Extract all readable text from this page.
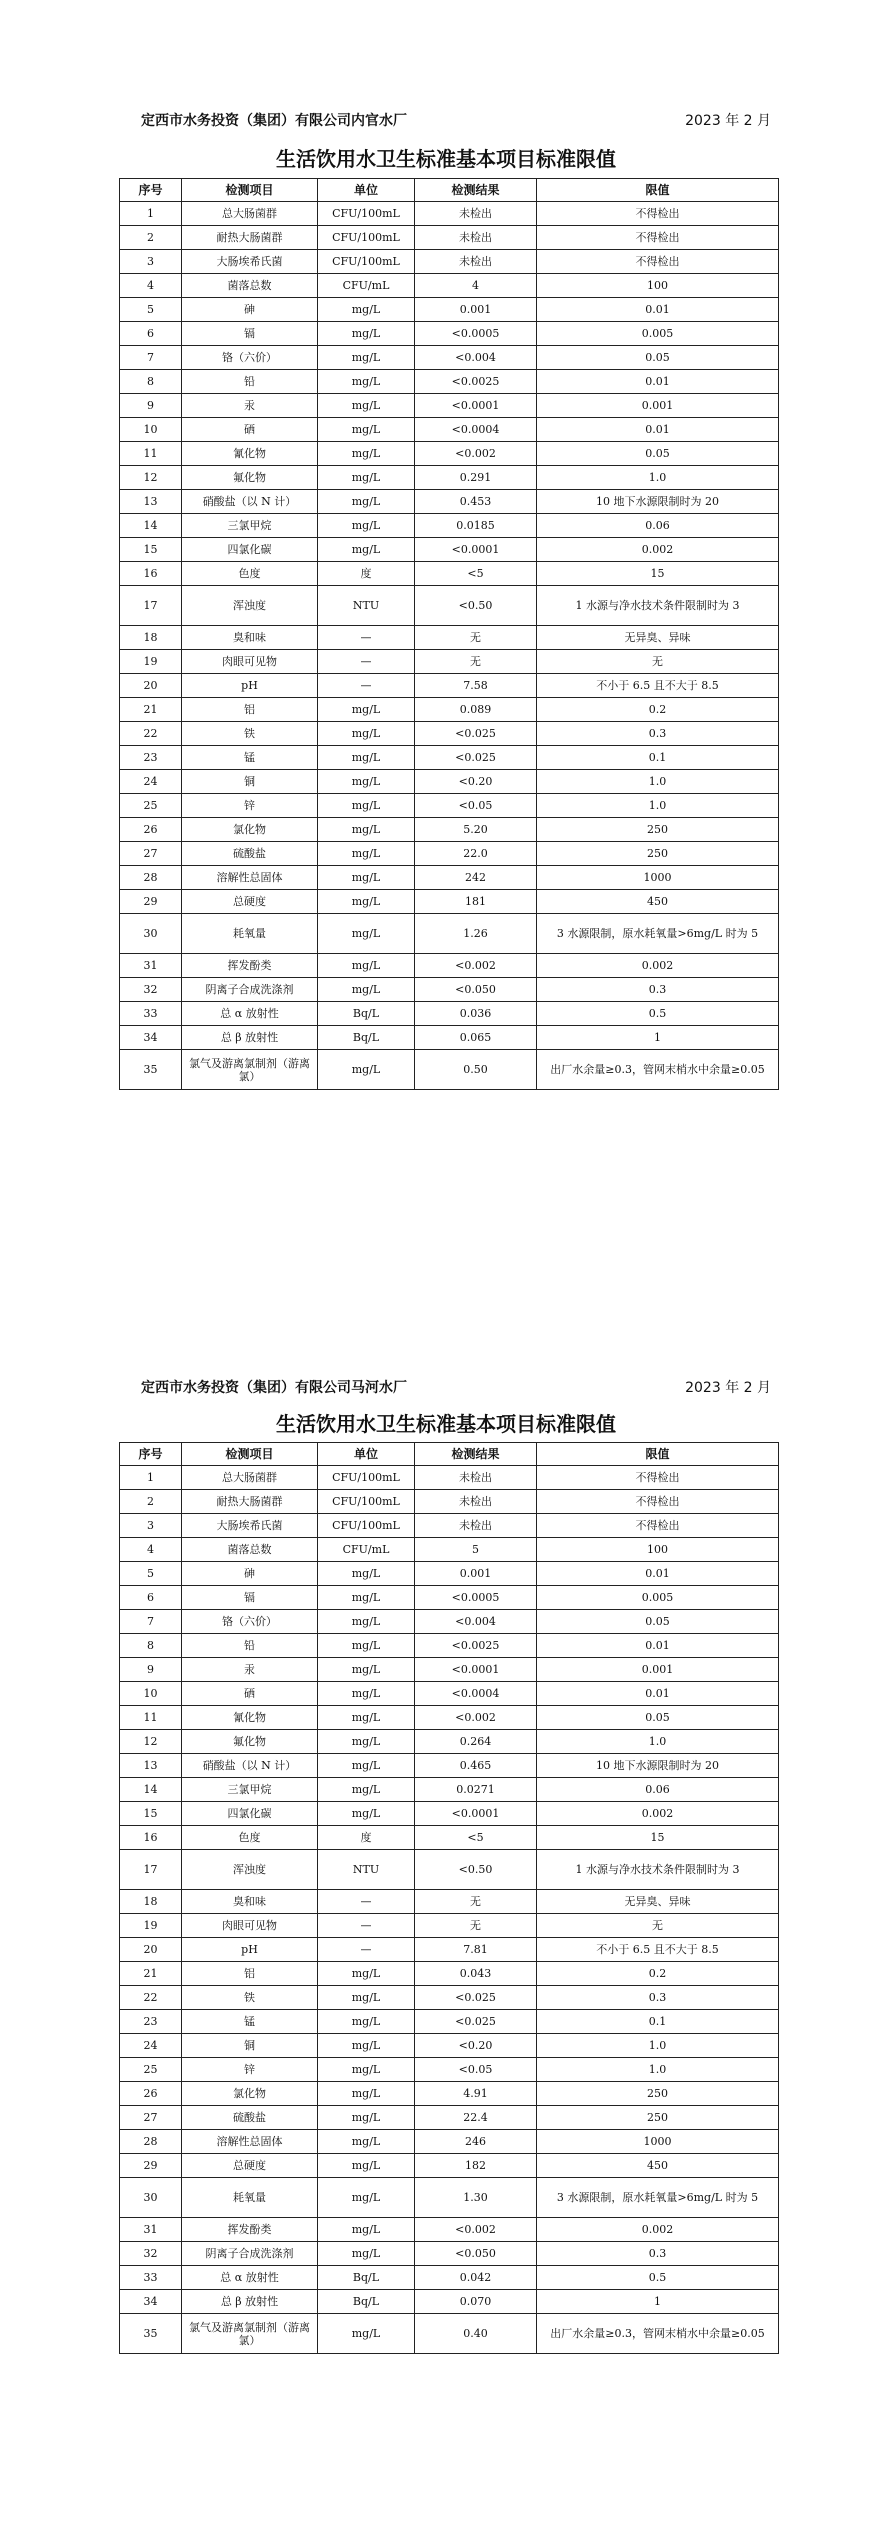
定西市水务投资（集团）有限公司内官水厂	2023 年 2 月
生活饮用水卫生标准基本项目标准限值
序号	检测项目	单位	检测结果	限值
1	总大肠菌群	CFU/100mL	未检出	不得检出
2	耐热大肠菌群	CFU/100mL	未检出	不得检出
3	大肠埃希氏菌	CFU/100mL	未检出	不得检出
4	菌落总数	CFU/mL	4	100
5	砷	mg/L	0.001	0.01
6	镉	mg/L	<0.0005	0.005
7	铬（六价）	mg/L	<0.004	0.05
8	铅	mg/L	<0.0025	0.01
9	汞	mg/L	<0.0001	0.001
10	硒	mg/L	<0.0004	0.01
11	氰化物	mg/L	<0.002	0.05
12	氟化物	mg/L	0.291	1.0
13	硝酸盐（以 N 计）	mg/L	0.453	10 地下水源限制时为 20
14	三氯甲烷	mg/L	0.0185	0.06
15	四氯化碳	mg/L	<0.0001	0.002
16	色度	度	<5	15
17	浑浊度	NTU	<0.50	1 水源与净水技术条件限制时为 3
18	臭和味	—	无	无异臭、异味
19	肉眼可见物	—	无	无
20	pH	—	7.58	不小于 6.5 且不大于 8.5
21	铝	mg/L	0.089	0.2
22	铁	mg/L	<0.025	0.3
23	锰	mg/L	<0.025	0.1
24	铜	mg/L	<0.20	1.0
25	锌	mg/L	<0.05	1.0
26	氯化物	mg/L	5.20	250
27	硫酸盐	mg/L	22.0	250
28	溶解性总固体	mg/L	242	1000
29	总硬度	mg/L	181	450
30	耗氧量	mg/L	1.26	3 水源限制，原水耗氧量>6mg/L 时为 5
31	挥发酚类	mg/L	<0.002	0.002
32	阴离子合成洗涤剂	mg/L	<0.050	0.3
33	总 α 放射性	Bq/L	0.036	0.5
34	总 β 放射性	Bq/L	0.065	1
35	氯气及游离氯制剂（游离氯）	mg/L	0.50	出厂水余量≥0.3，管网末梢水中余量≥0.05
定西市水务投资（集团）有限公司马河水厂	2023 年 2 月
生活饮用水卫生标准基本项目标准限值
序号	检测项目	单位	检测结果	限值
1	总大肠菌群	CFU/100mL	未检出	不得检出
2	耐热大肠菌群	CFU/100mL	未检出	不得检出
3	大肠埃希氏菌	CFU/100mL	未检出	不得检出
4	菌落总数	CFU/mL	5	100
5	砷	mg/L	0.001	0.01
6	镉	mg/L	<0.0005	0.005
7	铬（六价）	mg/L	<0.004	0.05
8	铅	mg/L	<0.0025	0.01
9	汞	mg/L	<0.0001	0.001
10	硒	mg/L	<0.0004	0.01
11	氰化物	mg/L	<0.002	0.05
12	氟化物	mg/L	0.264	1.0
13	硝酸盐（以 N 计）	mg/L	0.465	10 地下水源限制时为 20
14	三氯甲烷	mg/L	0.0271	0.06
15	四氯化碳	mg/L	<0.0001	0.002
16	色度	度	<5	15
17	浑浊度	NTU	<0.50	1 水源与净水技术条件限制时为 3
18	臭和味	—	无	无异臭、异味
19	肉眼可见物	—	无	无
20	pH	—	7.81	不小于 6.5 且不大于 8.5
21	铝	mg/L	0.043	0.2
22	铁	mg/L	<0.025	0.3
23	锰	mg/L	<0.025	0.1
24	铜	mg/L	<0.20	1.0
25	锌	mg/L	<0.05	1.0
26	氯化物	mg/L	4.91	250
27	硫酸盐	mg/L	22.4	250
28	溶解性总固体	mg/L	246	1000
29	总硬度	mg/L	182	450
30	耗氧量	mg/L	1.30	3 水源限制，原水耗氧量>6mg/L 时为 5
31	挥发酚类	mg/L	<0.002	0.002
32	阴离子合成洗涤剂	mg/L	<0.050	0.3
33	总 α 放射性	Bq/L	0.042	0.5
34	总 β 放射性	Bq/L	0.070	1
35	氯气及游离氯制剂（游离氯）	mg/L	0.40	出厂水余量≥0.3，管网末梢水中余量≥0.05
